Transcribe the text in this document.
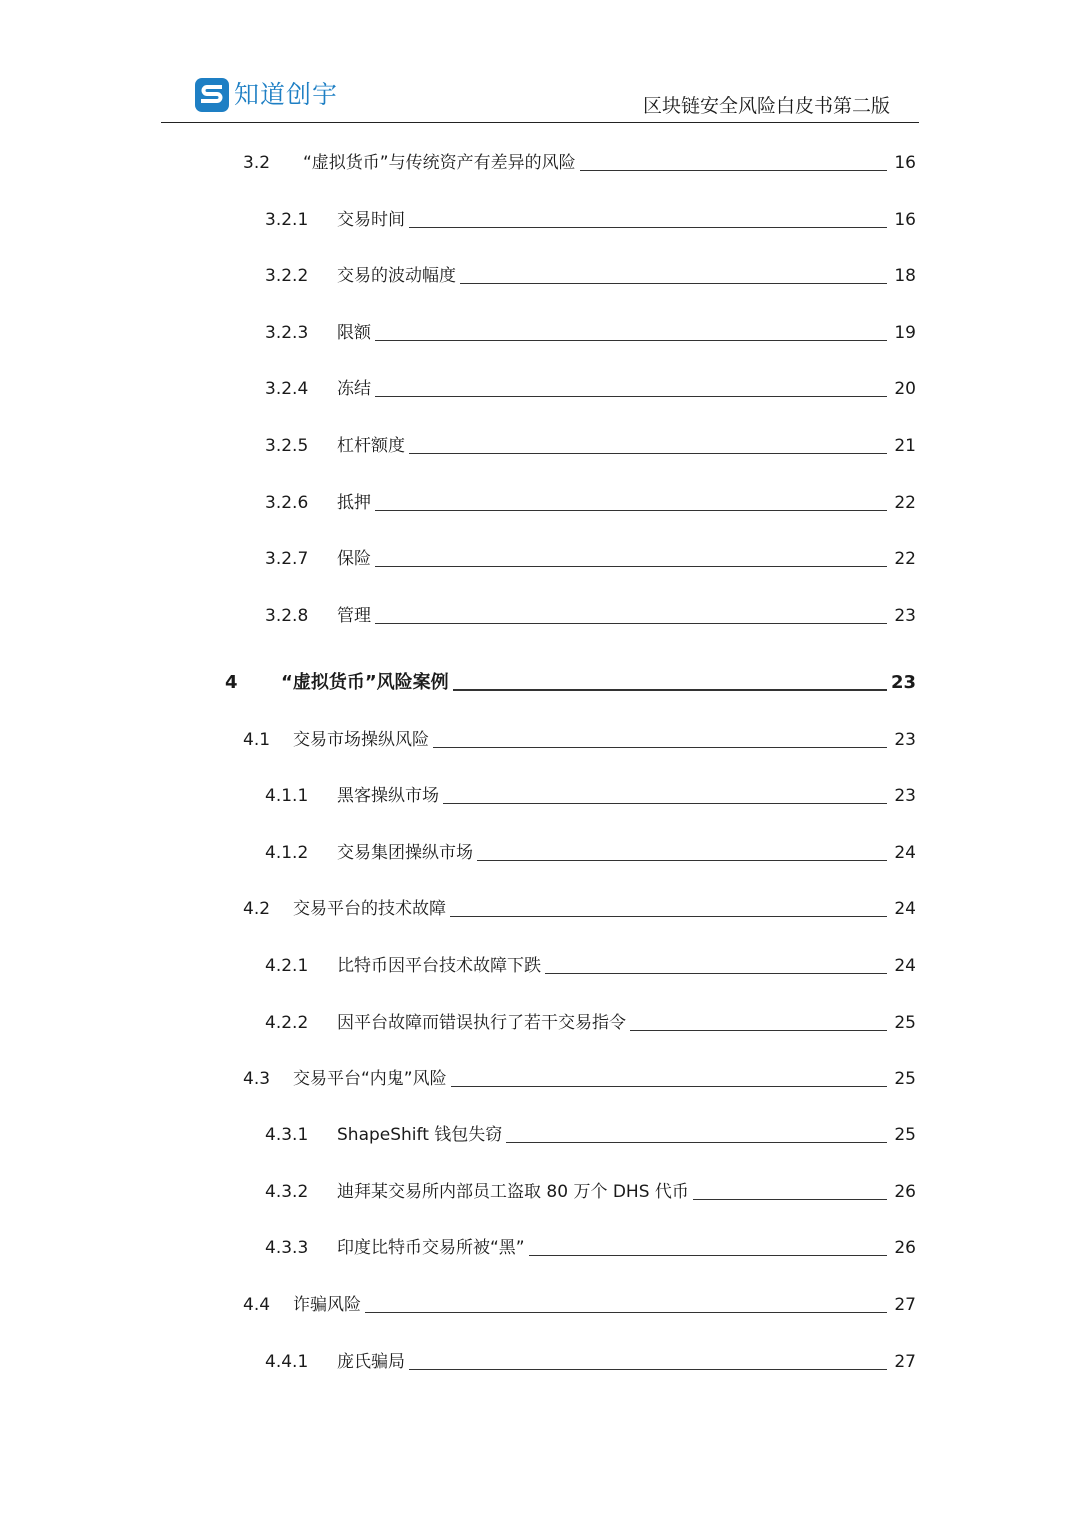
知道创宇	区块链安全风险白皮书第二版
3.2	“虚拟货币”与传统资产有差异的风险	16
3.2.1	交易时间	16
3.2.2	交易的波动幅度	18
3.2.3	限额	19
3.2.4	冻结	20
3.2.5	杠杆额度	21
3.2.6	抵押	22
3.2.7	保险	22
3.2.8	管理	23
4	“虚拟货币”风险案例	23
4.1	交易市场操纵风险	23
4.1.1	黑客操纵市场	23
4.1.2	交易集团操纵市场	24
4.2	交易平台的技术故障	24
4.2.1	比特币因平台技术故障下跌	24
4.2.2	因平台故障而错误执行了若干交易指令	25
4.3	交易平台“内鬼”风险	25
4.3.1	ShapeShift 钱包失窃	25
4.3.2	迪拜某交易所内部员工盗取 80 万个 DHS 代币	26
4.3.3	印度比特币交易所被“黑”	26
4.4	诈骗风险	27
4.4.1	庞氏骗局	27
